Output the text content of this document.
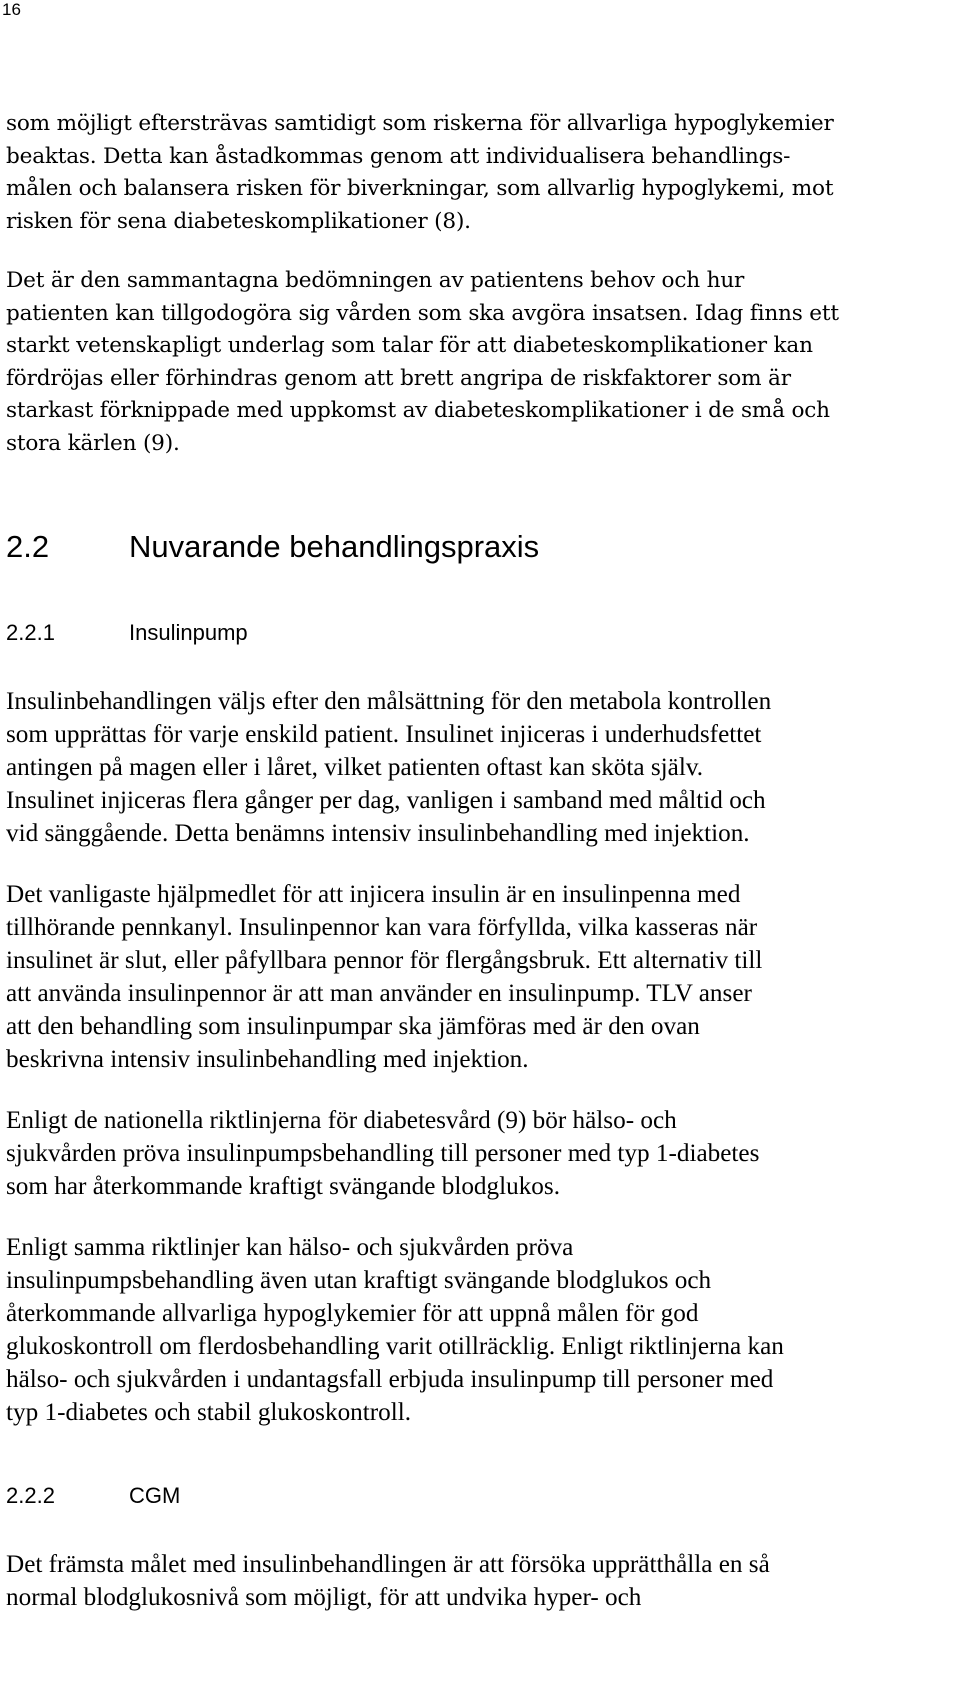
16
som möjligt eftersträvas samtidigt som riskerna för allvarliga hypoglykemier
beaktas. Detta kan åstadkommas genom att individualisera behandlings-
målen och balansera risken för biverkningar, som allvarlig hypoglykemi, mot
risken för sena diabeteskomplikationer (8).
Det är den sammantagna bedömningen av patientens behov och hur
patienten kan tillgodogöra sig vården som ska avgöra insatsen. Idag finns ett
starkt vetenskapligt underlag som talar för att diabeteskomplikationer kan
fördröjas eller förhindras genom att brett angripa de riskfaktorer som är
starkast förknippade med uppkomst av diabeteskomplikationer i de små och
stora kärlen (9).
2.2	Nuvarande behandlingspraxis
2.2.1	Insulinpump
Insulinbehandlingen väljs efter den målsättning för den metabola kontrollen
som upprättas för varje enskild patient. Insulinet injiceras i underhudsfettet
antingen på magen eller i låret, vilket patienten oftast kan sköta själv.
Insulinet injiceras flera gånger per dag, vanligen i samband med måltid och
vid sänggående. Detta benämns intensiv insulinbehandling med injektion.
Det vanligaste hjälpmedlet för att injicera insulin är en insulinpenna med
tillhörande pennkanyl. Insulinpennor kan vara förfyllda, vilka kasseras när
insulinet är slut, eller påfyllbara pennor för flergångsbruk. Ett alternativ till
att använda insulinpennor är att man använder en insulinpump. TLV anser
att den behandling som insulinpumpar ska jämföras med är den ovan
beskrivna intensiv insulinbehandling med injektion.
Enligt de nationella riktlinjerna för diabetesvård (9) bör hälso- och
sjukvården pröva insulinpumpsbehandling till personer med typ 1-diabetes
som har återkommande kraftigt svängande blodglukos.
Enligt samma riktlinjer kan hälso- och sjukvården pröva
insulinpumpsbehandling även utan kraftigt svängande blodglukos och
återkommande allvarliga hypoglykemier för att uppnå målen för god
glukoskontroll om flerdosbehandling varit otillräcklig. Enligt riktlinjerna kan
hälso- och sjukvården i undantagsfall erbjuda insulinpump till personer med
typ 1-diabetes och stabil glukoskontroll.
2.2.2	CGM
Det främsta målet med insulinbehandlingen är att försöka upprätthålla en så
normal blodglukosnivå som möjligt, för att undvika hyper- och
